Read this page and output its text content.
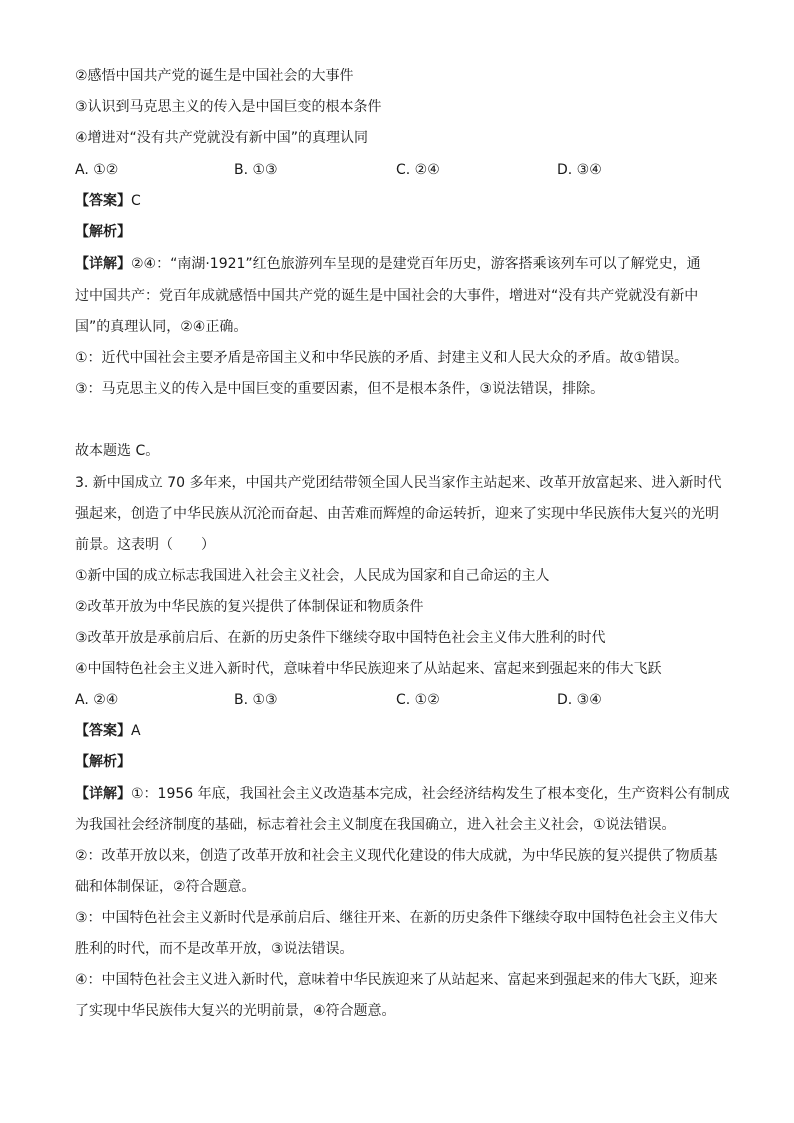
②感悟中国共产党的诞生是中国社会的大事件
③认识到马克思主义的传入是中国巨变的根本条件
④增进对“没有共产党就没有新中国”的真理认同
A. ①②	B. ①③	C. ②④	D. ③④
【答案】C
【解析】
【详解】②④：“南湖·1921”红色旅游列车呈现的是建党百年历史，游客搭乘该列车可以了解党史，通
过中国共产：党百年成就感悟中国共产党的诞生是中国社会的大事件，增进对“没有共产党就没有新中
国”的真理认同，②④正确。
①：近代中国社会主要矛盾是帝国主义和中华民族的矛盾、封建主义和人民大众的矛盾。故①错误。
③：马克思主义的传入是中国巨变的重要因素，但不是根本条件，③说法错误，排除。
故本题选 C。
3. 新中国成立 70 多年来，中国共产党团结带领全国人民当家作主站起来、改革开放富起来、进入新时代
强起来，创造了中华民族从沉沦而奋起、由苦难而辉煌的命运转折，迎来了实现中华民族伟大复兴的光明
前景。这表明（　　）
①新中国的成立标志我国进入社会主义社会，人民成为国家和自己命运的主人
②改革开放为中华民族的复兴提供了体制保证和物质条件
③改革开放是承前启后、在新的历史条件下继续夺取中国特色社会主义伟大胜利的时代
④中国特色社会主义进入新时代，意味着中华民族迎来了从站起来、富起来到强起来的伟大飞跃
A. ②④	B. ①③	C. ①②	D. ③④
【答案】A
【解析】
【详解】①：1956 年底，我国社会主义改造基本完成，社会经济结构发生了根本变化，生产资料公有制成
为我国社会经济制度的基础，标志着社会主义制度在我国确立，进入社会主义社会，①说法错误。
②：改革开放以来，创造了改革开放和社会主义现代化建设的伟大成就，为中华民族的复兴提供了物质基
础和体制保证，②符合题意。
③：中国特色社会主义新时代是承前启后、继往开来、在新的历史条件下继续夺取中国特色社会主义伟大
胜利的时代，而不是改革开放，③说法错误。
④：中国特色社会主义进入新时代，意味着中华民族迎来了从站起来、富起来到强起来的伟大飞跃，迎来
了实现中华民族伟大复兴的光明前景，④符合题意。
